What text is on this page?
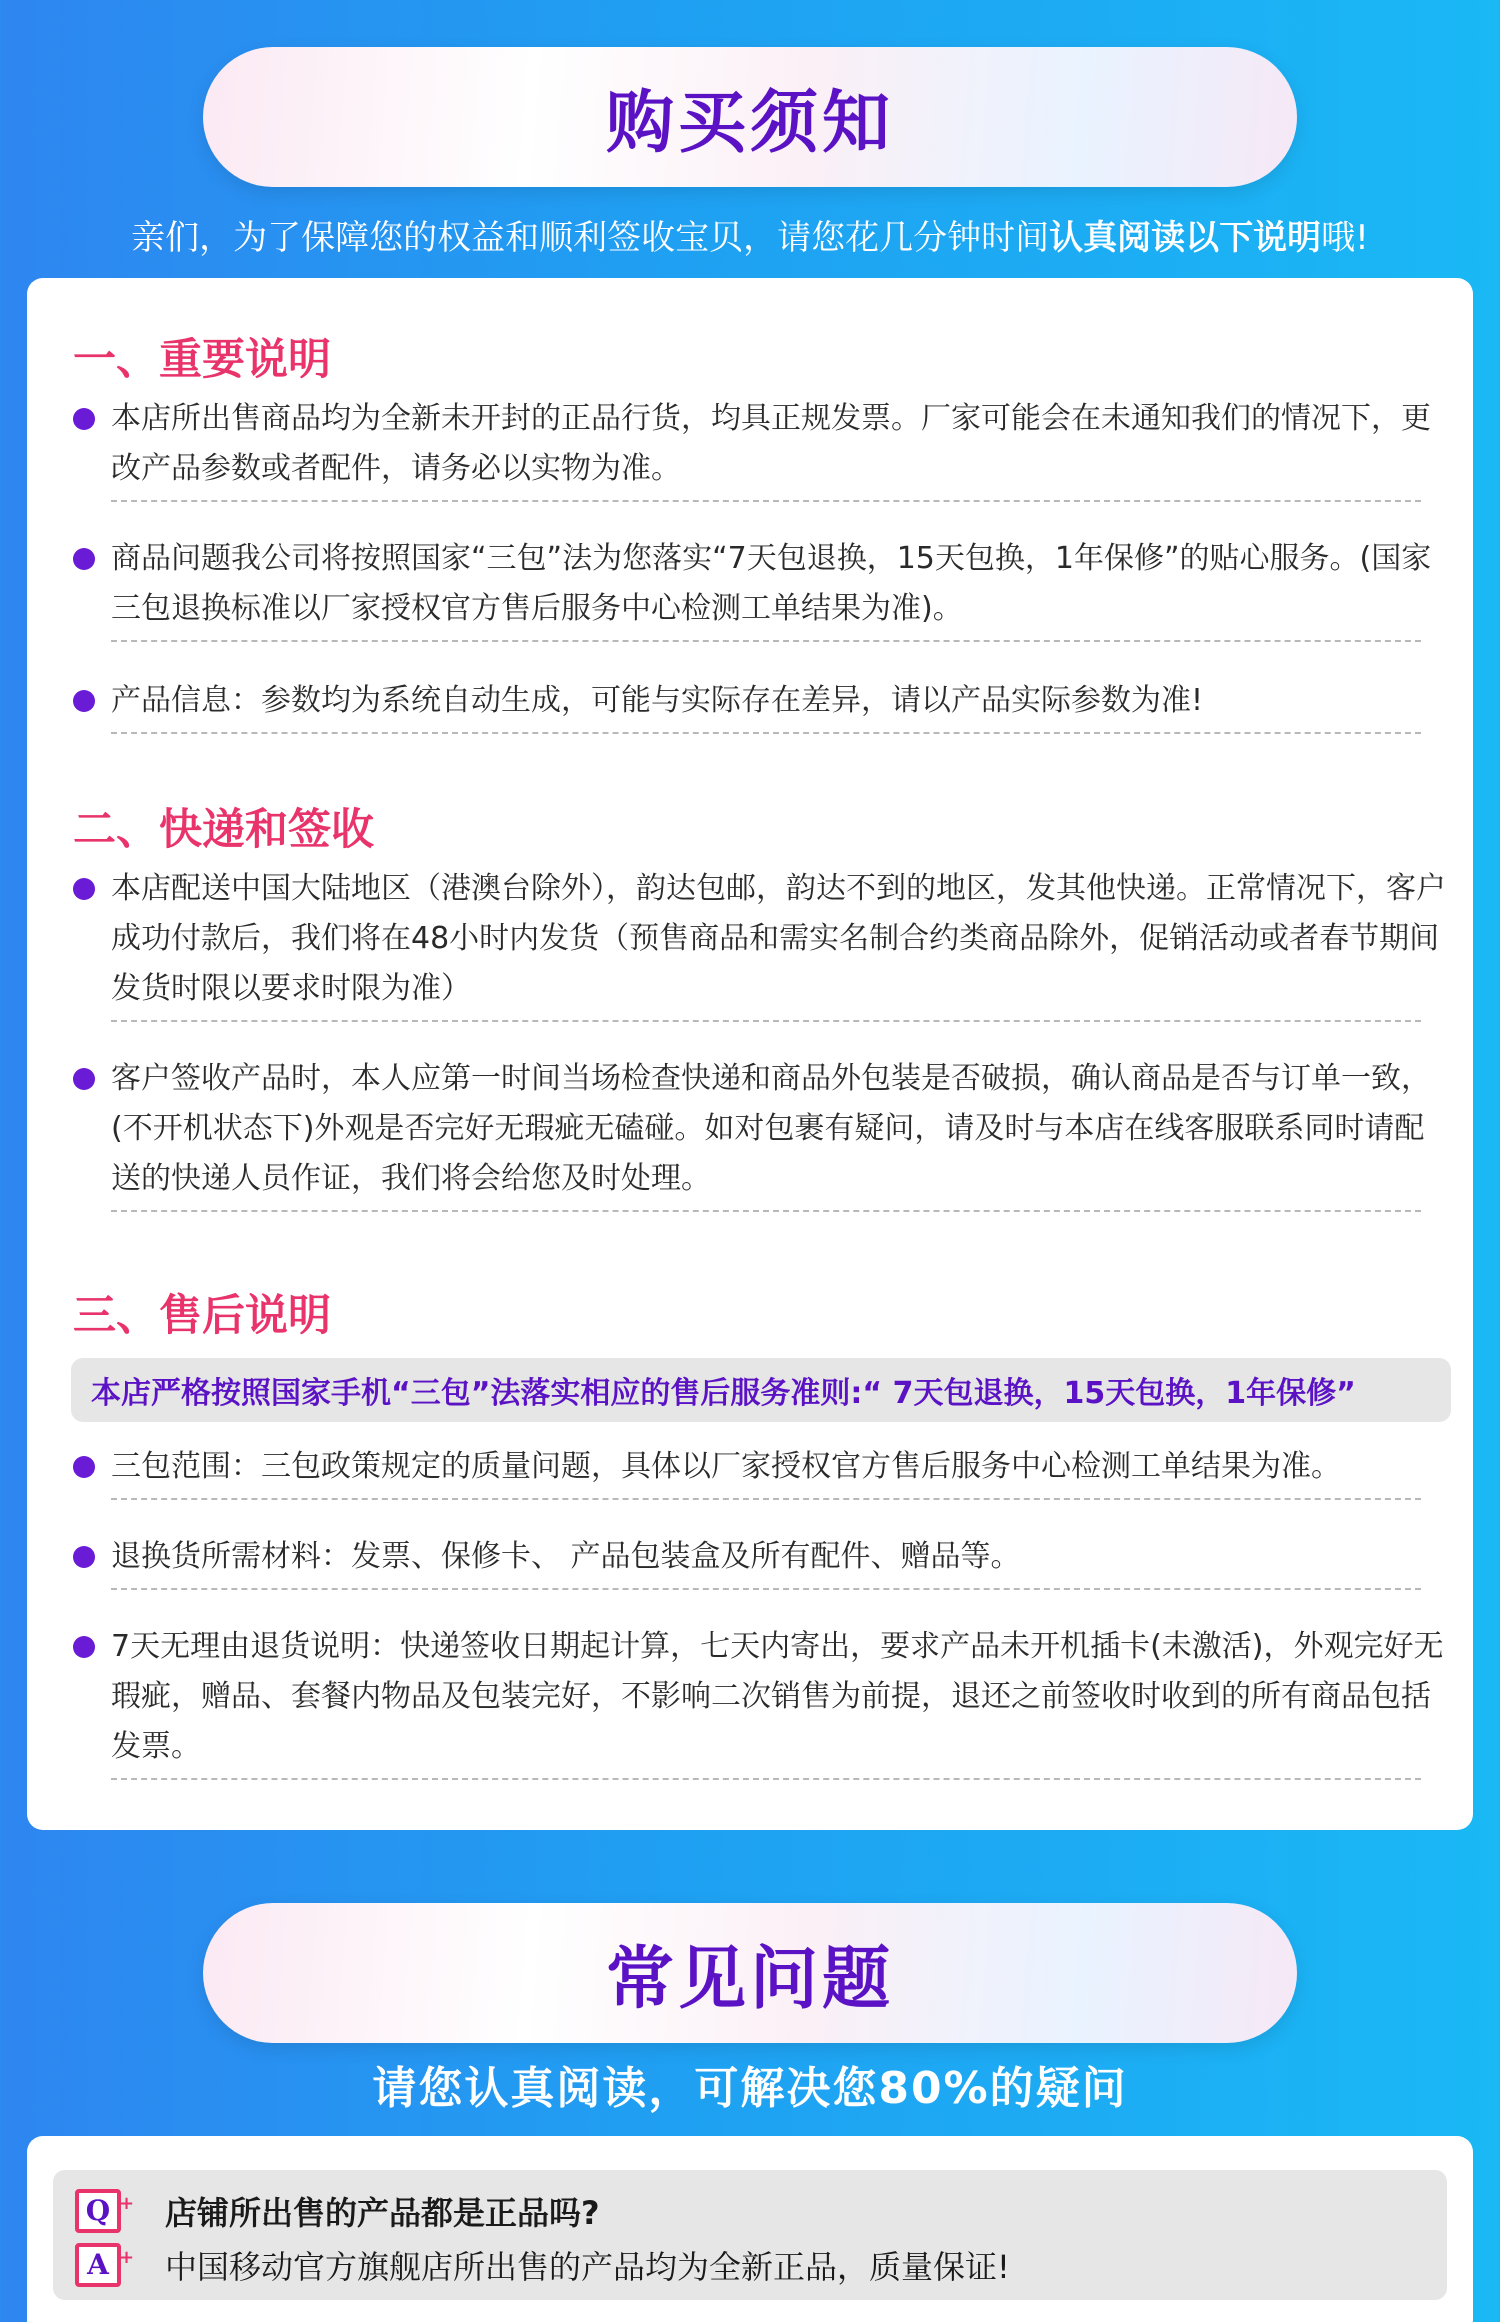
购买须知
亲们，为了保障您的权益和顺利签收宝贝，请您花几分钟时间认真阅读以下说明哦!
一、重要说明
本店所出售商品均为全新未开封的正品行货，均具正规发票。厂家可能会在未通知我们的情况下，更改产品参数或者配件，请务必以实物为准。
商品问题我公司将按照国家“三包”法为您落实“7天包退换，15天包换，1年保修”的贴心服务。(国家三包退换标准以厂家授权官方售后服务中心检测工单结果为准)。
产品信息：参数均为系统自动生成，可能与实际存在差异，请以产品实际参数为准!
二、快递和签收
本店配送中国大陆地区（港澳台除外），韵达包邮，韵达不到的地区，发其他快递。正常情况下，客户成功付款后，我们将在48小时内发货（预售商品和需实名制合约类商品除外，促销活动或者春节期间发货时限以要求时限为准）
客户签收产品时，本人应第一时间当场检查快递和商品外包装是否破损，确认商品是否与订单一致，(不开机状态下)外观是否完好无瑕疵无磕碰。如对包裹有疑问，请及时与本店在线客服联系同时请配送的快递人员作证，我们将会给您及时处理。
三、售后说明
本店严格按照国家手机“三包”法落实相应的售后服务准则:“ 7天包退换，15天包换，1年保修”
三包范围：三包政策规定的质量问题，具体以厂家授权官方售后服务中心检测工单结果为准。
退换货所需材料：发票、保修卡、 产品包装盒及所有配件、赠品等。
7天无理由退货说明：快递签收日期起计算，七天内寄出，要求产品未开机插卡(未激活)，外观完好无瑕疵，赠品、套餐内物品及包装完好，不影响二次销售为前提，退还之前签收时收到的所有商品包括发票。
常见问题
请您认真阅读，可解决您80%的疑问
Q + 店铺所出售的产品都是正品吗?
A + 中国移动官方旗舰店所出售的产品均为全新正品，质量保证!
